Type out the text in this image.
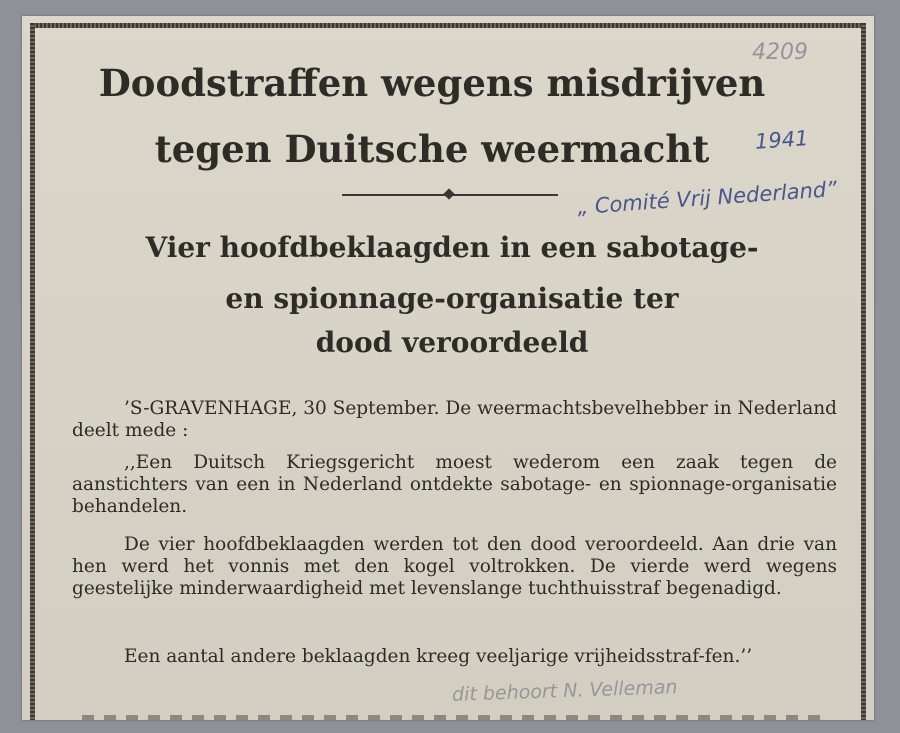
4209
Doodstraffen wegens misdrijven
tegen Duitsche weermacht	1941
„ Comité Vrij Nederland”
Vier hoofdbeklaagden in een sabotage-
en spionnage-organisatie ter
dood veroordeeld

’S-GRAVENHAGE, 30 September. De weermachtsbevelhebber in Nederland deelt mede :

,,Een Duitsch Kriegsgericht moest wederom een zaak tegen de aanstichters van een in Nederland ontdekte sabotage- en spionnage-organisatie behandelen.

De vier hoofdbeklaagden werden tot den dood veroordeeld. Aan drie van hen werd het vonnis met den kogel voltrokken. De vierde werd wegens geestelijke minderwaardigheid met levenslange tuchthuisstraf begenadigd.

Een aantal andere beklaagden kreeg veeljarige vrijheidsstraf-fen.’’

dit behoort N. Velleman
